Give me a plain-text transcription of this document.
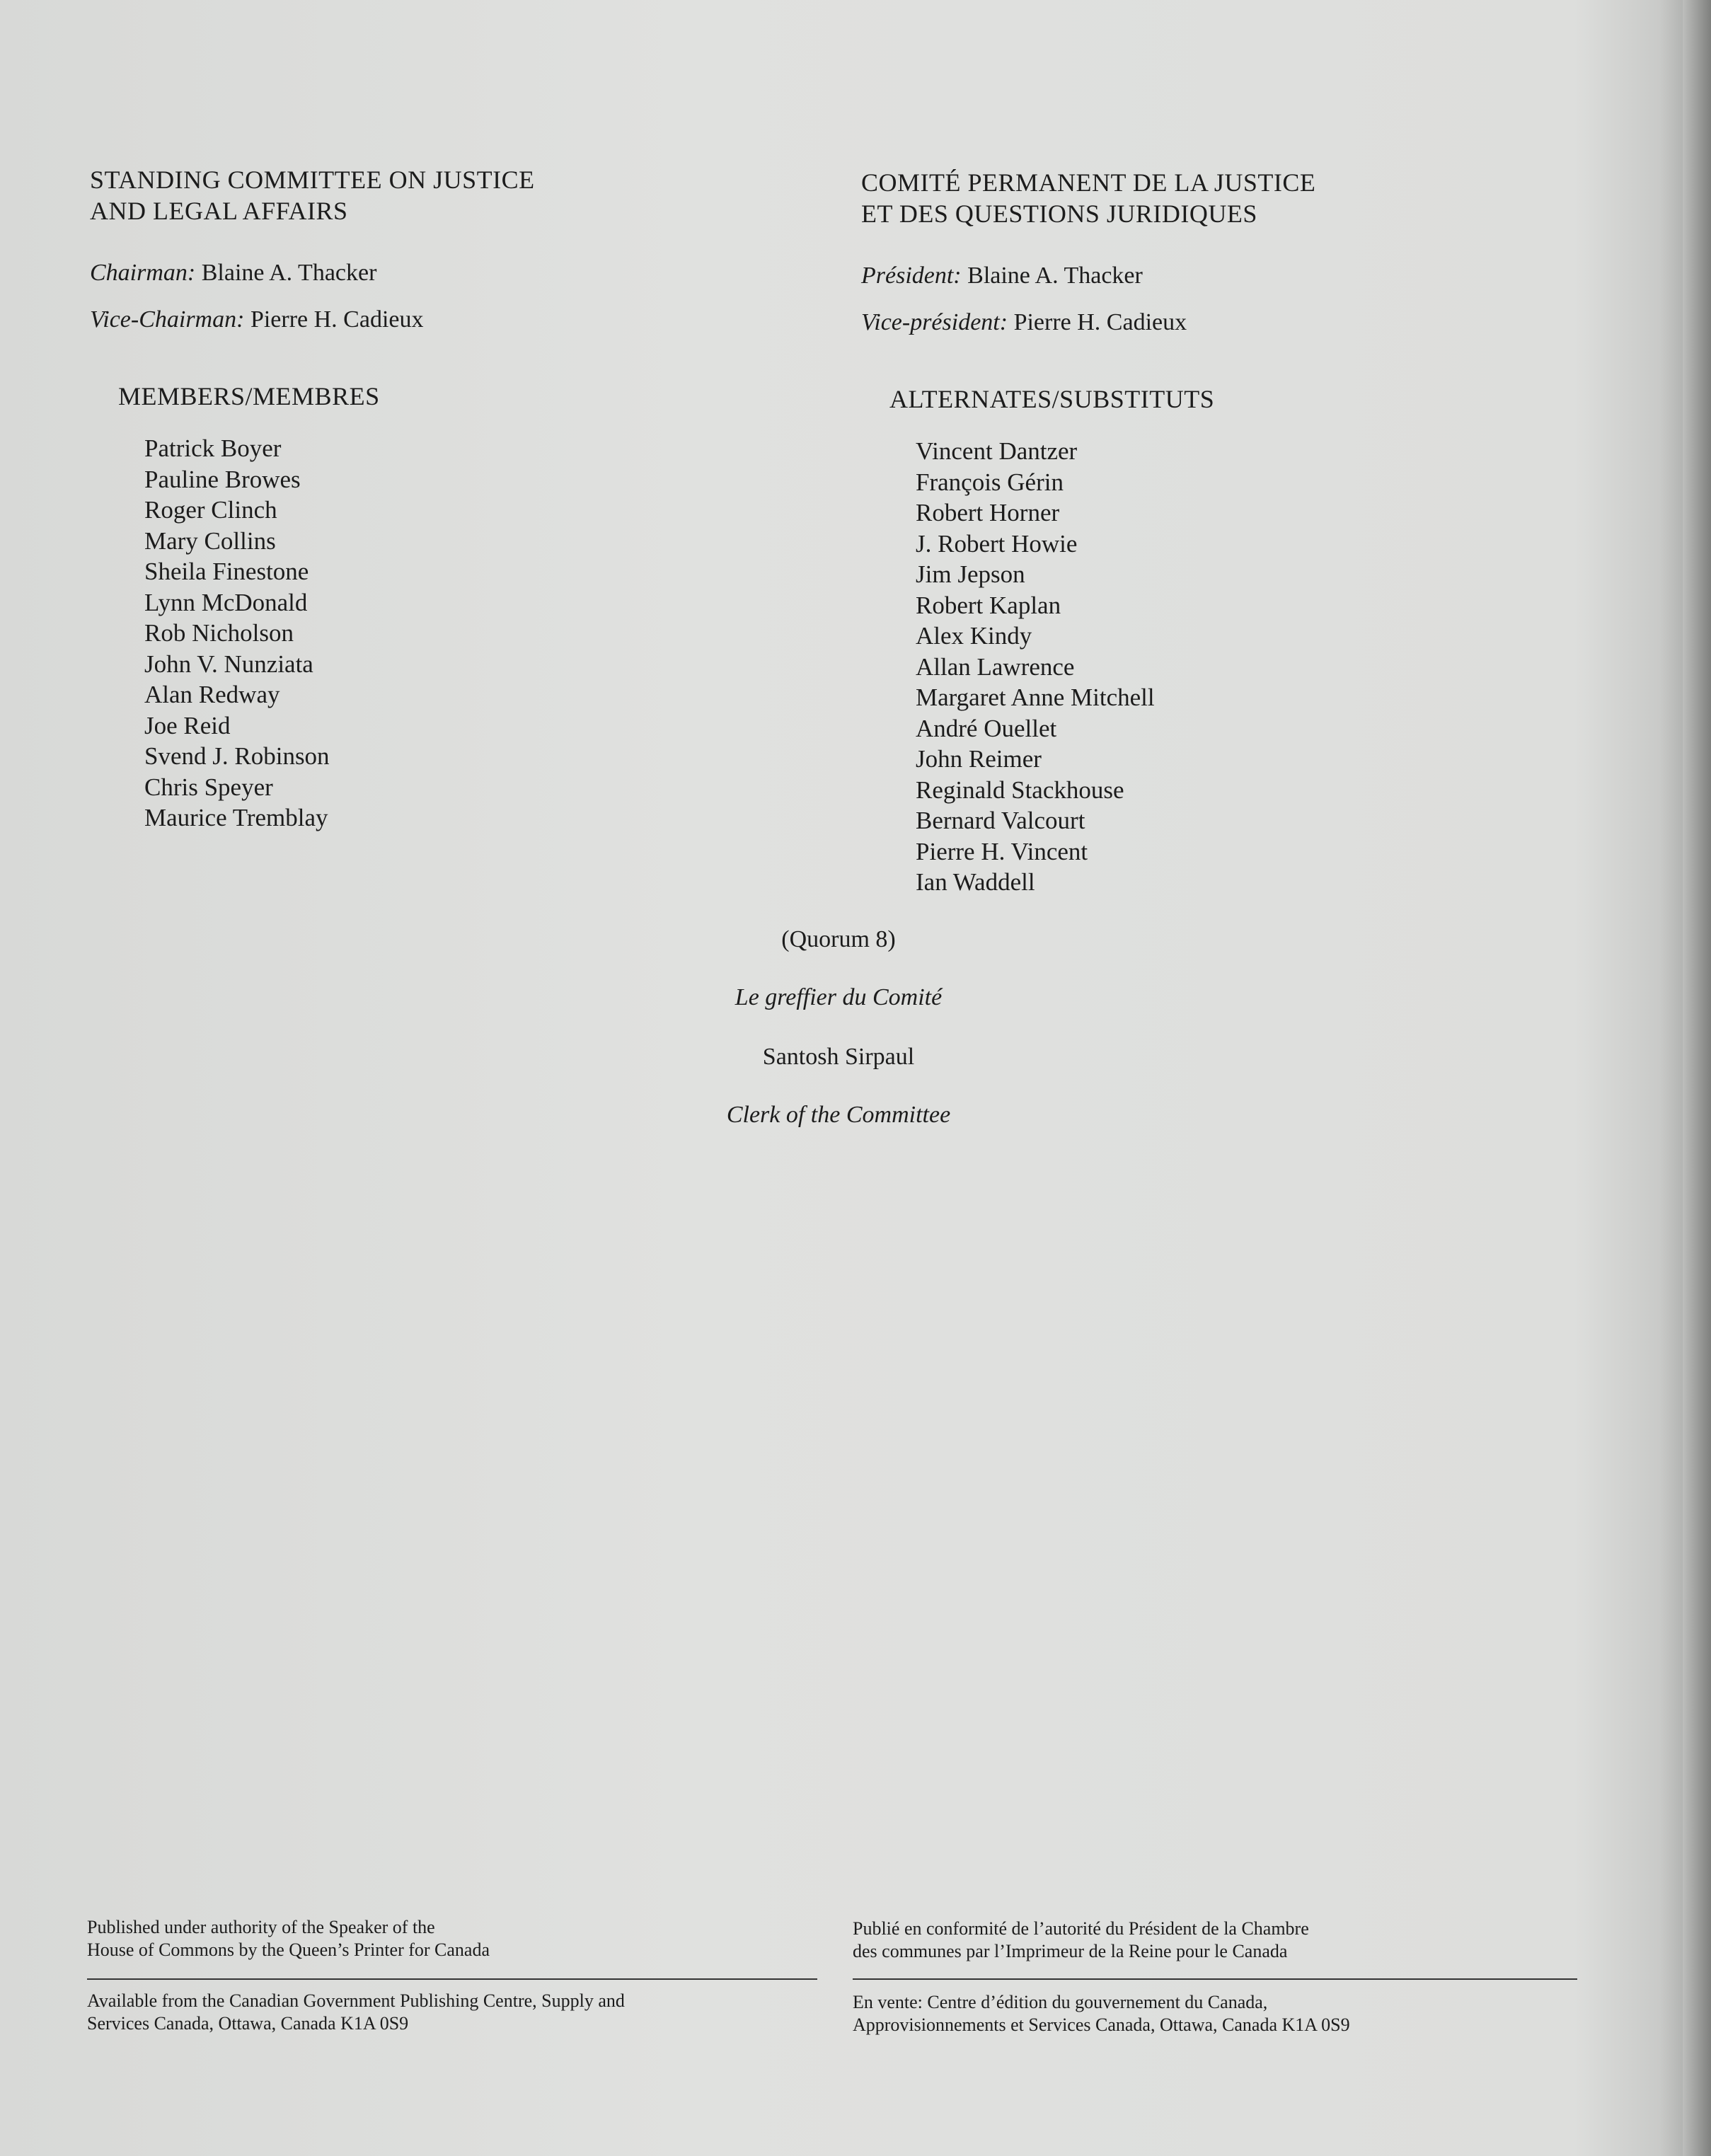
STANDING COMMITTEE ON JUSTICE
AND LEGAL AFFAIRS
Chairman: Blaine A. Thacker
Vice-Chairman: Pierre H. Cadieux
COMITÉ PERMANENT DE LA JUSTICE
ET DES QUESTIONS JURIDIQUES
Président: Blaine A. Thacker
Vice-président: Pierre H. Cadieux
MEMBERS/MEMBRES
Patrick Boyer
Pauline Browes
Roger Clinch
Mary Collins
Sheila Finestone
Lynn McDonald
Rob Nicholson
John V. Nunziata
Alan Redway
Joe Reid
Svend J. Robinson
Chris Speyer
Maurice Tremblay
ALTERNATES/SUBSTITUTS
Vincent Dantzer
François Gérin
Robert Horner
J. Robert Howie
Jim Jepson
Robert Kaplan
Alex Kindy
Allan Lawrence
Margaret Anne Mitchell
André Ouellet
John Reimer
Reginald Stackhouse
Bernard Valcourt
Pierre H. Vincent
Ian Waddell
(Quorum 8)
Le greffier du Comité
Santosh Sirpaul
Clerk of the Committee
Published under authority of the Speaker of the
House of Commons by the Queen’s Printer for Canada
Available from the Canadian Government Publishing Centre, Supply and
Services Canada, Ottawa, Canada K1A 0S9
Publié en conformité de l’autorité du Président de la Chambre
des communes par l’Imprimeur de la Reine pour le Canada
En vente: Centre d’édition du gouvernement du Canada,
Approvisionnements et Services Canada, Ottawa, Canada K1A 0S9
